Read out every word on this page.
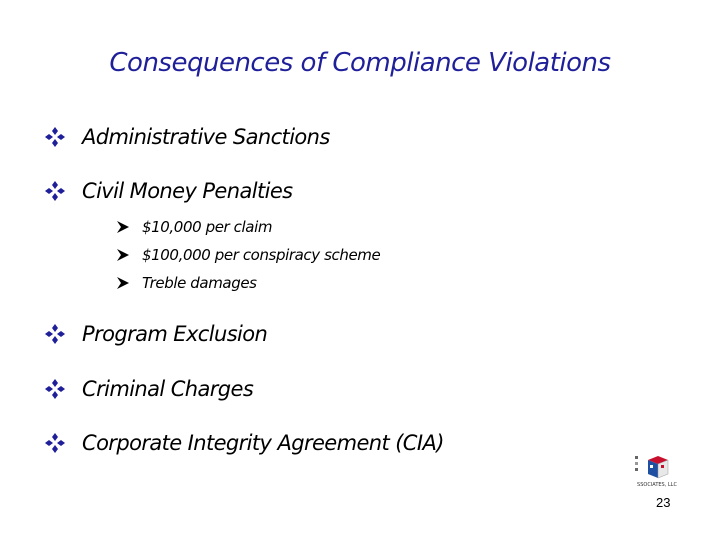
Consequences of Compliance Violations
Administrative Sanctions
Civil Money Penalties
$10,000 per claim
$100,000 per conspiracy scheme
Treble damages
Program Exclusion
Criminal Charges
Corporate Integrity Agreement (CIA)
SSOCIATES, LLC
23
